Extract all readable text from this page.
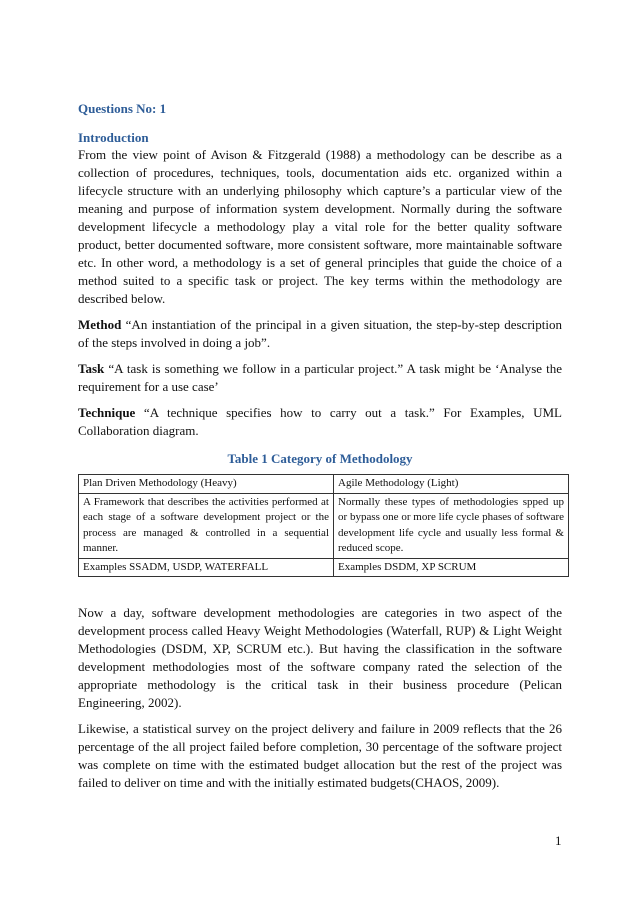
Questions No: 1
Introduction

From the view point of Avison & Fitzgerald (1988) a methodology can be describe as a collection of procedures, techniques, tools, documentation aids etc. organized within a lifecycle structure with an underlying philosophy which capture’s a particular view of the meaning and purpose of information system development. Normally during the software development lifecycle a methodology play a vital role for the better quality software product, better documented software, more consistent software, more maintainable software etc. In other word, a methodology is a set of general principles that guide the choice of a method suited to a specific task or project. The key terms within the methodology are described below.

Method “An instantiation of the principal in a given situation, the step-by-step description of the steps involved in doing a job”.

Task “A task is something we follow in a particular project.” A task might be ‘Analyse the requirement for a use case’

Technique “A technique specifies how to carry out a task.” For Examples, UML Collaboration diagram.

Table 1 Category of Methodology
Plan Driven Methodology (Heavy)	Agile Methodology (Light)
A Framework that describes the activities performed at each stage of a software development project or the process are managed & controlled in a sequential manner.	Normally these types of methodologies spped up or bypass one or more life cycle phases of software development life cycle and usually less formal & reduced scope.
Examples SSADM, USDP, WATERFALL	Examples DSDM, XP SCRUM

Now a day, software development methodologies are categories in two aspect of the development process called Heavy Weight Methodologies (Waterfall, RUP) & Light Weight Methodologies (DSDM, XP, SCRUM etc.). But having the classification in the software development methodologies most of the software company rated the selection of the appropriate methodology is the critical task in their business procedure (Pelican Engineering, 2002).

Likewise, a statistical survey on the project delivery and failure in 2009 reflects that the 26 percentage of the all project failed before completion, 30 percentage of the software project was complete on time with the estimated budget allocation but the rest of the project was failed to deliver on time and with the initially estimated budgets(CHAOS, 2009).

1
